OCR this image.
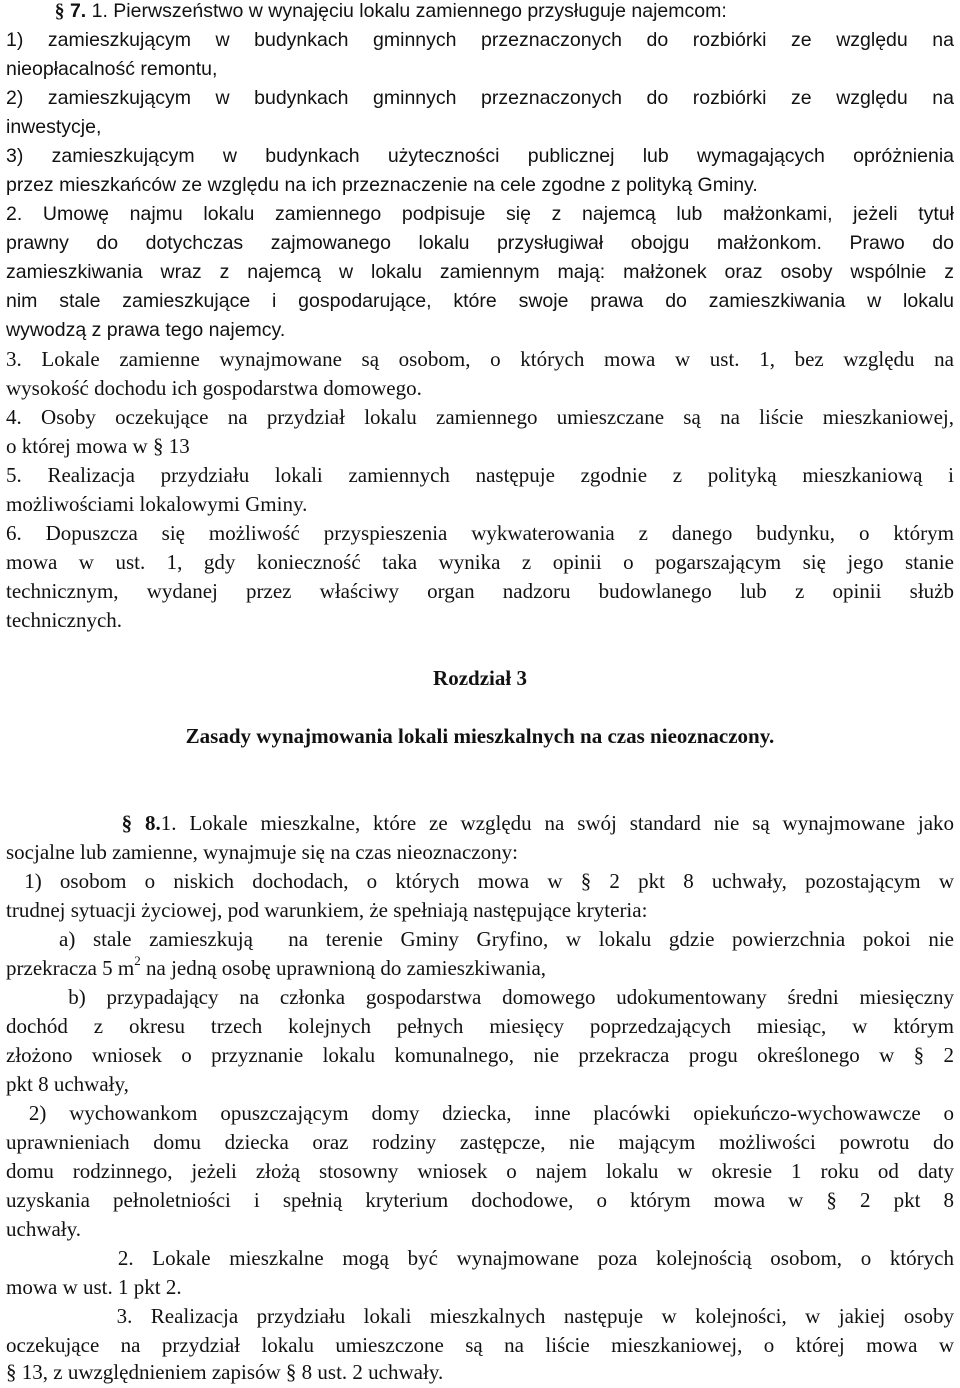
§ 7. 1. Pierwszeństwo w wynajęciu lokalu zamiennego przysługuje najemcom:

1) zamieszkującym w budynkach gminnych przeznaczonych do rozbiórki ze względu na

nieopłacalność remontu,

2) zamieszkującym w budynkach gminnych przeznaczonych do rozbiórki ze względu na

inwestycje,

3) zamieszkującym w budynkach użyteczności publicznej lub wymagających opróżnienia

przez mieszkańców ze względu na ich przeznaczenie na cele zgodne z polityką Gminy.

2. Umowę najmu lokalu zamiennego podpisuje się z najemcą lub małżonkami, jeżeli tytuł

prawny do dotychczas zajmowanego lokalu przysługiwał obojgu małżonkom. Prawo do

zamieszkiwania wraz z najemcą w lokalu zamiennym mają: małżonek oraz osoby wspólnie z

nim stale zamieszkujące i gospodarujące, które swoje prawa do zamieszkiwania w lokalu

wywodzą z prawa tego najemcy.

3. Lokale zamienne wynajmowane są osobom, o których mowa w ust. 1, bez względu na

wysokość dochodu ich gospodarstwa domowego.

4. Osoby oczekujące na przydział lokalu zamiennego umieszczane są na liście mieszkaniowej,

o której mowa w § 13

5. Realizacja przydziału lokali zamiennych następuje zgodnie z polityką mieszkaniową i

możliwościami lokalowymi Gminy.

6. Dopuszcza się możliwość przyspieszenia wykwaterowania z danego budynku, o którym

mowa w ust. 1, gdy konieczność taka wynika z opinii o pogarszającym się jego stanie

technicznym, wydanej przez właściwy organ nadzoru budowlanego lub z opinii służb

technicznych.

Rozdział 3

Zasady wynajmowania lokali mieszkalnych na czas nieoznaczony.

§ 8.1. Lokale mieszkalne, które ze względu na swój standard nie są wynajmowane jako

socjalne lub zamienne, wynajmuje się na czas nieoznaczony:

1) osobom o niskich dochodach, o których mowa w § 2 pkt 8 uchwały, pozostającym w

trudnej sytuacji życiowej, pod warunkiem, że spełniają następujące kryteria:

a) stale zamieszkują  na terenie Gminy Gryfino, w lokalu gdzie powierzchnia pokoi nie

przekracza 5 $m^2$ na jedną osobę uprawnioną do zamieszkiwania,

b) przypadający na członka gospodarstwa domowego udokumentowany średni miesięczny

dochód z okresu trzech kolejnych pełnych miesięcy poprzedzających miesiąc, w którym

złożono wniosek o przyznanie lokalu komunalnego, nie przekracza progu określonego w § 2

pkt 8 uchwały,

2) wychowankom opuszczającym domy dziecka, inne placówki opiekuńczo-wychowawcze o

uprawnieniach domu dziecka oraz rodziny zastępcze, nie mającym możliwości powrotu do

domu rodzinnego, jeżeli złożą stosowny wniosek o najem lokalu w okresie 1 roku od daty

uzyskania pełnoletniości i spełnią kryterium dochodowe, o którym mowa w § 2 pkt 8

uchwały.

2. Lokale mieszkalne mogą być wynajmowane poza kolejnością osobom, o których

mowa w ust. 1 pkt 2.

3. Realizacja przydziału lokali mieszkalnych następuje w kolejności, w jakiej osoby

oczekujące na przydział lokalu umieszczone są na liście mieszkaniowej, o której mowa w

§ 13, z uwzględnieniem zapisów § 8 ust. 2 uchwały.
